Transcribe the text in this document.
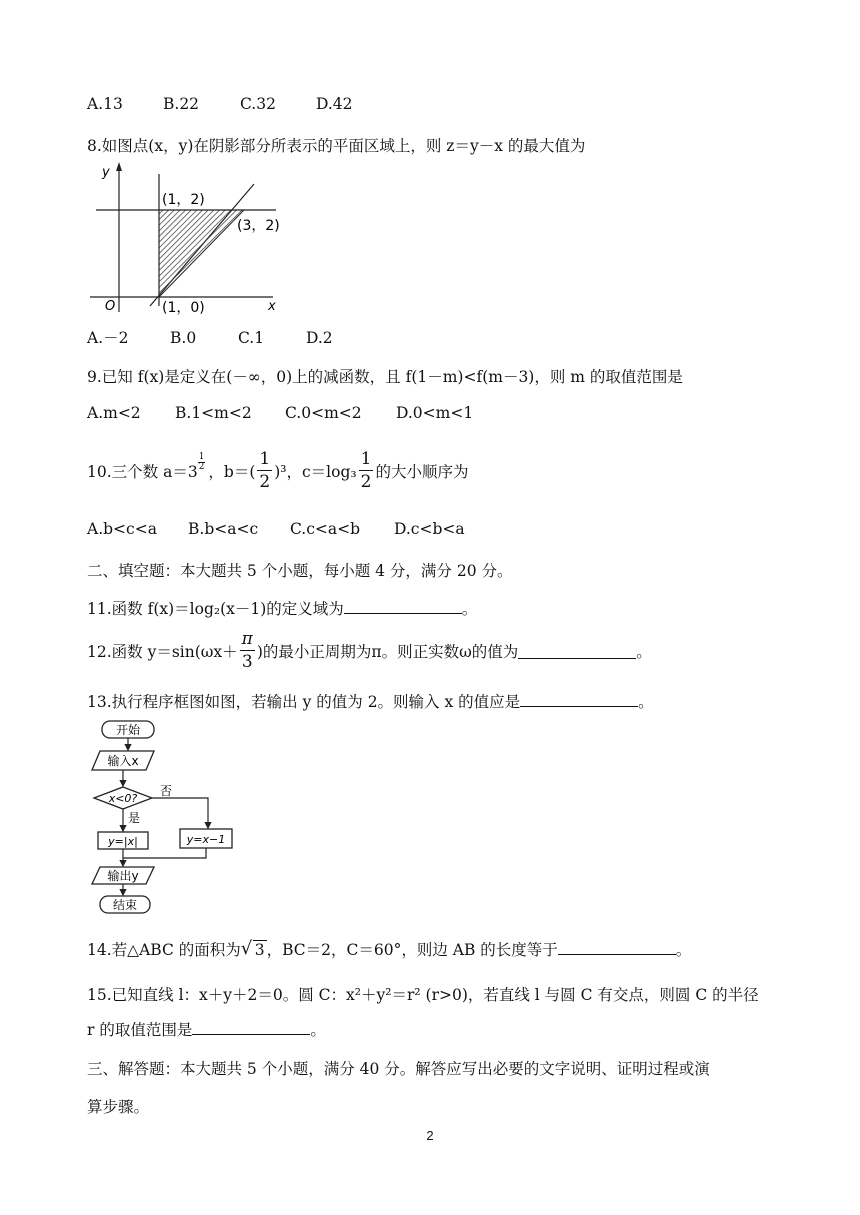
A.13	B.22	C.32	D.42
8.如图点(x，y)在阴影部分所表示的平面区域上，则 z＝y－x 的最大值为
y
x
O
(1，2)
(3，2)
(1，0)
A.－2	B.0	C.1	D.2
9.已知 f(x)是定义在(－∞，0)上的减函数，且 f(1－m)<f(m－3)，则 m 的取值范围是
A.m<2 B.1<m<2 C.0<m<2 D.0<m<1
10.三个数 a＝3
$\frac{1}{2}$
，$b=( \frac{1}{2} )^3$，$c=\log_3 \frac{1}{2}$ 的大小顺序为
A.b<c<a B.b<a<c C.c<a<b D.c<b<a
二、填空题：本大题共 5 个小题，每小题 4 分，满分 20 分。
11.函数 f(x)＝log₂(x－1)的定义域为	。
12.函数 $y=\sin(\omega x+ \frac{\pi}{3}$ )的最小正周期为π。则正实数ω的值为	。
13.执行程序框图如图，若输出 y 的值为 2。则输入 x 的值应是	。
开始
输入x
x<0?
否
是
y=|x|	y=x−1
输出y
结束
14.若△ABC 的面积为 √ 3 ，BC＝2，C＝60°，则边 AB 的长度等于	。
15.已知直线 l：x＋y＋2＝0。圆 C：x²＋y²＝r² (r>0)，若直线 l 与圆 C 有交点，则圆 C 的半径
r 的取值范围是	。
三、解答题：本大题共 5 个小题，满分 40 分。解答应写出必要的文字说明、证明过程或演
算步骤。
2
